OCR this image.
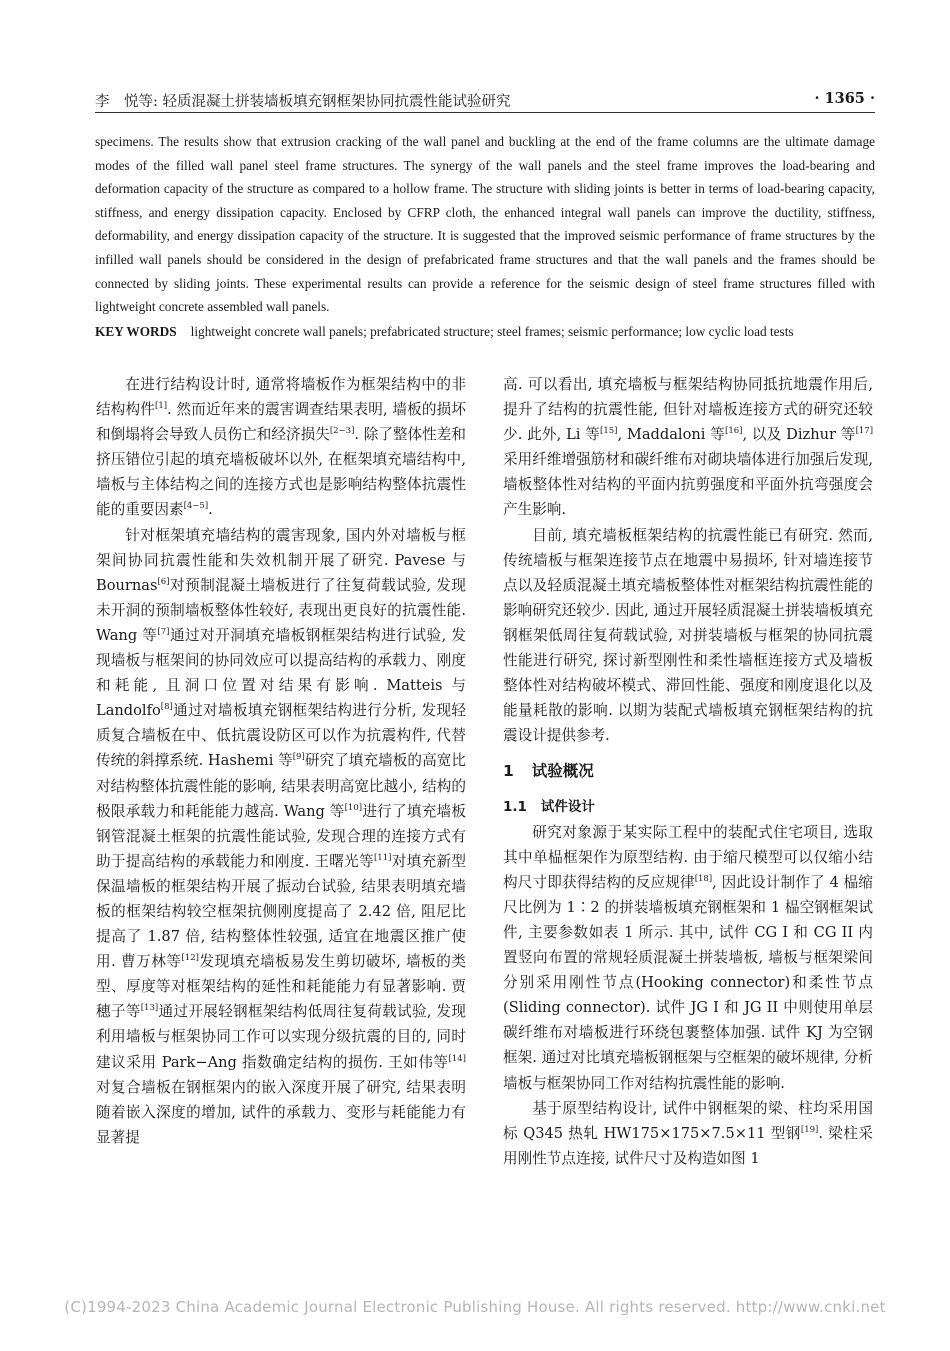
李　悦等: 轻质混凝土拼装墙板填充钢框架协同抗震性能试验研究	· 1365 ·

specimens. The results show that extrusion cracking of the wall panel and buckling at the end of the frame columns are the ultimate damage modes of the filled wall panel steel frame structures. The synergy of the wall panels and the steel frame improves the load-bearing and deformation capacity of the structure as compared to a hollow frame. The structure with sliding joints is better in terms of load-bearing capacity, stiffness, and energy dissipation capacity. Enclosed by CFRP cloth, the enhanced integral wall panels can improve the ductility, stiffness, deformability, and energy dissipation capacity of the structure. It is suggested that the improved seismic performance of frame structures by the infilled wall panels should be considered in the design of prefabricated frame structures and that the wall panels and the frames should be connected by sliding joints. These experimental results can provide a reference for the seismic design of steel frame structures filled with lightweight concrete assembled wall panels.

KEY WORDS lightweight concrete wall panels; prefabricated structure; steel frames; seismic performance; low cyclic load tests

在进行结构设计时, 通常将墙板作为框架结构中的非结构构件[1]. 然而近年来的震害调查结果表明, 墙板的损坏和倒塌将会导致人员伤亡和经济损失[2−3]. 除了整体性差和挤压错位引起的填充墙板破坏以外, 在框架填充墙结构中, 墙板与主体结构之间的连接方式也是影响结构整体抗震性能的重要因素[4−5].

针对框架填充墙结构的震害现象, 国内外对墙板与框架间协同抗震性能和失效机制开展了研究. Pavese 与 Bournas[6]对预制混凝土墙板进行了往复荷载试验, 发现未开洞的预制墙板整体性较好, 表现出更良好的抗震性能. Wang 等[7]通过对开洞填充墙板钢框架结构进行试验, 发现墙板与框架间的协同效应可以提高结构的承载力、刚度和耗能, 且洞口位置对结果有影响. Matteis 与 Landolfo[8]通过对墙板填充钢框架结构进行分析, 发现轻质复合墙板在中、低抗震设防区可以作为抗震构件, 代替传统的斜撑系统. Hashemi 等[9]研究了填充墙板的高宽比对结构整体抗震性能的影响, 结果表明高宽比越小, 结构的极限承载力和耗能能力越高. Wang 等[10]进行了填充墙板钢管混凝土框架的抗震性能试验, 发现合理的连接方式有助于提高结构的承载能力和刚度. 王曙光等[11]对填充新型保温墙板的框架结构开展了振动台试验, 结果表明填充墙板的框架结构较空框架抗侧刚度提高了 2.42 倍, 阻尼比提高了 1.87 倍, 结构整体性较强, 适宜在地震区推广使用. 曹万林等[12]发现填充墙板易发生剪切破坏, 墙板的类型、厚度等对框架结构的延性和耗能能力有显著影响. 贾穗子等[13]通过开展轻钢框架结构低周往复荷载试验, 发现利用墙板与框架协同工作可以实现分级抗震的目的, 同时建议采用 Park−Ang 指数确定结构的损伤. 王如伟等[14]对复合墙板在钢框架内的嵌入深度开展了研究, 结果表明随着嵌入深度的增加, 试件的承载力、变形与耗能能力有显著提

高. 可以看出, 填充墙板与框架结构协同抵抗地震作用后, 提升了结构的抗震性能, 但针对墙板连接方式的研究还较少. 此外, Li 等[15], Maddaloni 等[16], 以及 Dizhur 等[17]采用纤维增强筋材和碳纤维布对砌块墙体进行加强后发现, 墙板整体性对结构的平面内抗剪强度和平面外抗弯强度会产生影响.

目前, 填充墙板框架结构的抗震性能已有研究. 然而, 传统墙板与框架连接节点在地震中易损坏, 针对墙连接节点以及轻质混凝土填充墙板整体性对框架结构抗震性能的影响研究还较少. 因此, 通过开展轻质混凝土拼装墙板填充钢框架低周往复荷载试验, 对拼装墙板与框架的协同抗震性能进行研究, 探讨新型刚性和柔性墙框连接方式及墙板整体性对结构破坏模式、滞回性能、强度和刚度退化以及能量耗散的影响. 以期为装配式墙板填充钢框架结构的抗震设计提供参考.

1 试验概况
1.1 试件设计

研究对象源于某实际工程中的装配式住宅项目, 选取其中单榀框架作为原型结构. 由于缩尺模型可以仅缩小结构尺寸即获得结构的反应规律[18], 因此设计制作了 4 榀缩尺比例为 1∶2 的拼装墙板填充钢框架和 1 榀空钢框架试件, 主要参数如表 1 所示. 其中, 试件 CG I 和 CG II 内置竖向布置的常规轻质混凝土拼装墙板, 墙板与框架梁间分别采用刚性节点(Hooking connector)和柔性节点(Sliding connector). 试件 JG I 和 JG II 中则使用单层碳纤维布对墙板进行环绕包裹整体加强. 试件 KJ 为空钢框架. 通过对比填充墙板钢框架与空框架的破坏规律, 分析墙板与框架协同工作对结构抗震性能的影响.

基于原型结构设计, 试件中钢框架的梁、柱均采用国标 Q345 热轧 HW175×175×7.5×11 型钢[19]. 梁柱采用刚性节点连接, 试件尺寸及构造如图 1

(C)1994-2023 China Academic Journal Electronic Publishing House. All rights reserved. http://www.cnki.net
